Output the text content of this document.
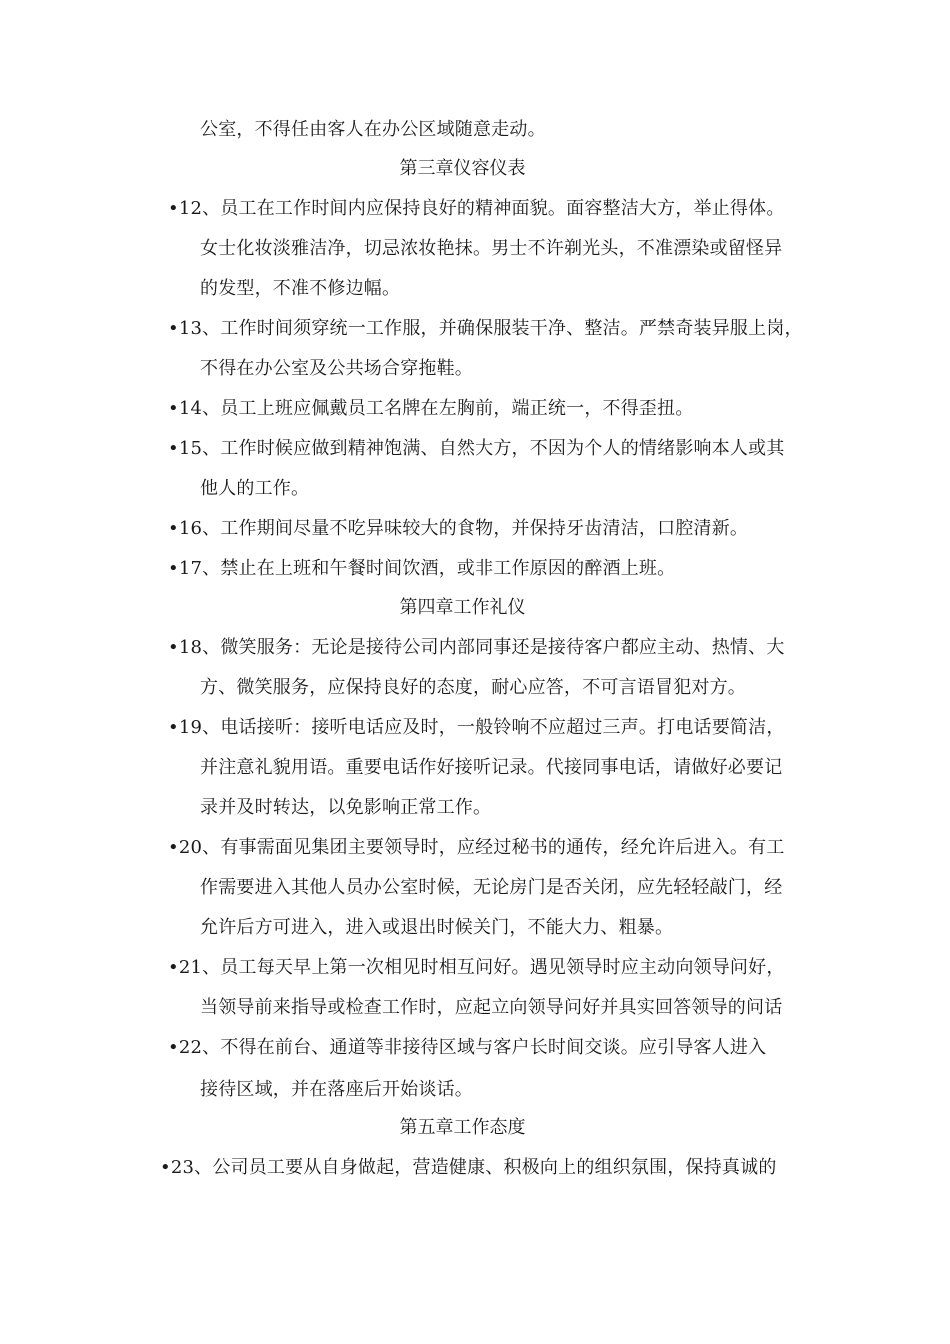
公室，不得任由客人在办公区域随意走动。
第三章仪容仪表
•12、员工在工作时间内应保持良好的精神面貌。面容整洁大方，举止得体。
女士化妆淡雅洁净，切忌浓妆艳抹。男士不许剃光头，不准漂染或留怪异
的发型，不准不修边幅。
•13、工作时间须穿统一工作服，并确保服装干净、整洁。严禁奇装异服上岗，
不得在办公室及公共场合穿拖鞋。
•14、员工上班应佩戴员工名牌在左胸前，端正统一，不得歪扭。
•15、工作时候应做到精神饱满、自然大方，不因为个人的情绪影响本人或其
他人的工作。
•16、工作期间尽量不吃异味较大的食物，并保持牙齿清洁，口腔清新。
•17、禁止在上班和午餐时间饮酒，或非工作原因的醉酒上班。
第四章工作礼仪
•18、微笑服务：无论是接待公司内部同事还是接待客户都应主动、热情、大
方、微笑服务，应保持良好的态度，耐心应答，不可言语冒犯对方。
•19、电话接听：接听电话应及时，一般铃响不应超过三声。打电话要简洁，
并注意礼貌用语。重要电话作好接听记录。代接同事电话，请做好必要记
录并及时转达，以免影响正常工作。
•20、有事需面见集团主要领导时，应经过秘书的通传，经允许后进入。有工
作需要进入其他人员办公室时候，无论房门是否关闭，应先轻轻敲门，经
允许后方可进入，进入或退出时候关门，不能大力、粗暴。
•21、员工每天早上第一次相见时相互问好。遇见领导时应主动向领导问好，
当领导前来指导或检查工作时，应起立向领导问好并具实回答领导的问话
•22、不得在前台、通道等非接待区域与客户长时间交谈。应引导客人进入
接待区域，并在落座后开始谈话。
第五章工作态度
•23、公司员工要从自身做起，营造健康、积极向上的组织氛围，保持真诚的
